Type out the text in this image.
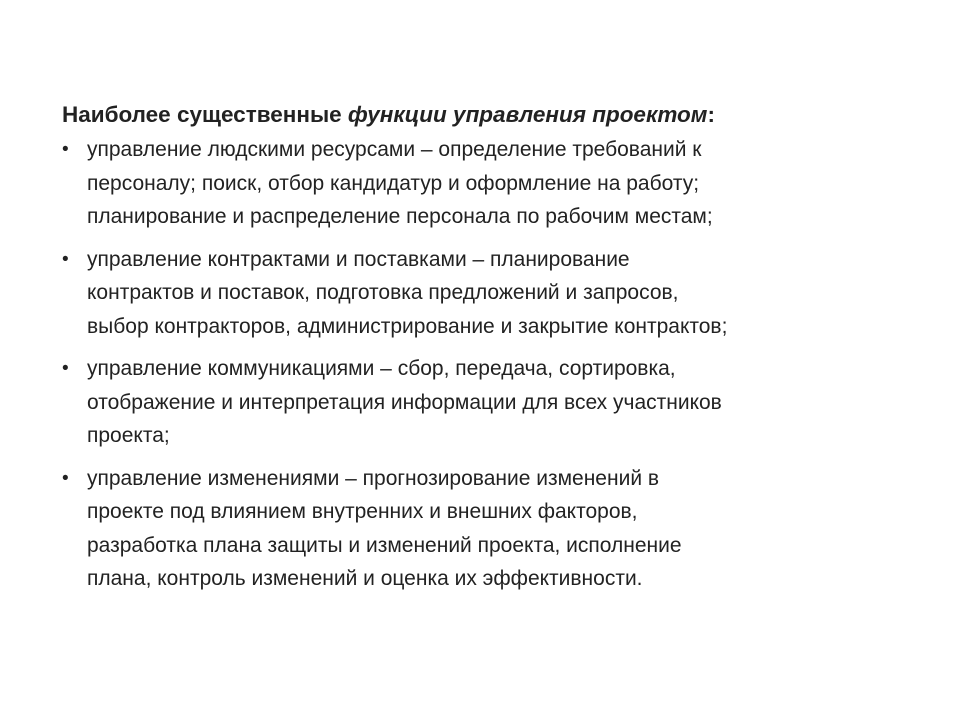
Наиболее существенные функции управления проектом:
• управление людскими ресурсами – определение требований к
персоналу; поиск, отбор кандидатур и оформление на работу;
планирование и распределение персонала по рабочим местам;
• управление контрактами и поставками – планирование
контрактов и поставок, подготовка предложений и запросов,
выбор контракторов, администрирование и закрытие контрактов;
• управление коммуникациями – сбор, передача, сортировка,
отображение и интерпретация информации для всех участников
проекта;
• управление изменениями – прогнозирование изменений в
проекте под влиянием внутренних и внешних факторов,
разработка плана защиты и изменений проекта, исполнение
плана, контроль изменений и оценка их эффективности.
